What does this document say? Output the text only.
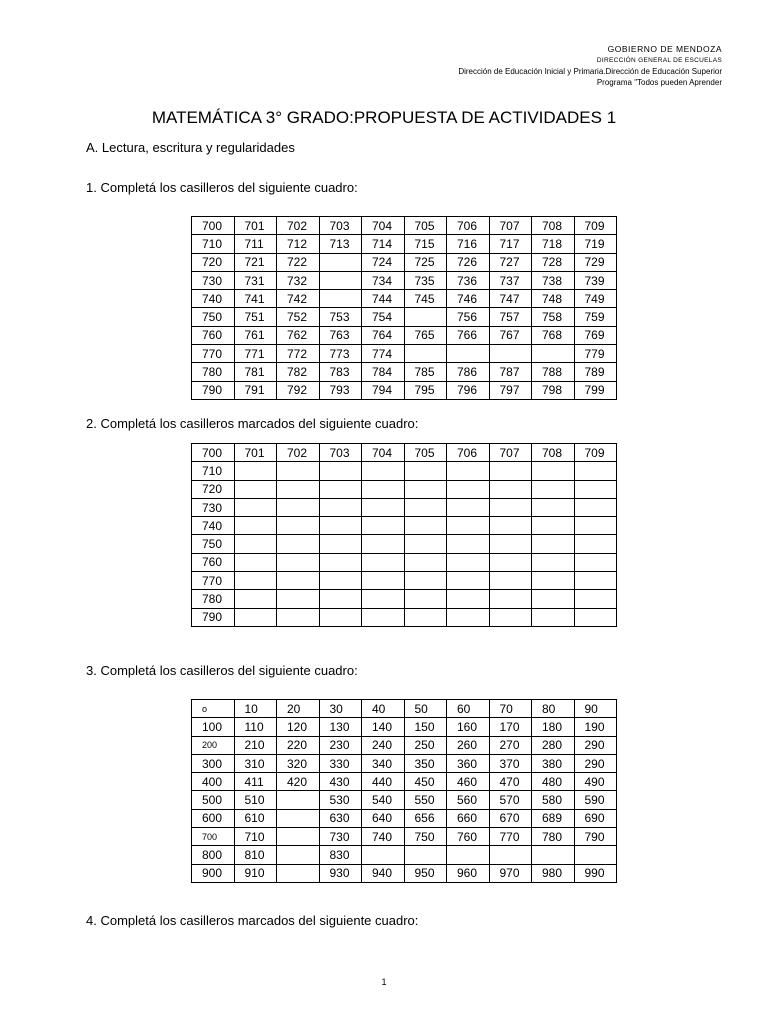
GOBIERNO DE MENDOZA
DIRECCIÓN GENERAL DE ESCUELAS
Dirección de Educación Inicial y Primaria.Dirección de Educación Superior
Programa "Todos pueden Aprender
MATEMÁTICA 3° GRADO:PROPUESTA DE ACTIVIDADES 1
A. Lectura, escritura y regularidades
1. Completá los casilleros del siguiente cuadro:
700	701	702	703	704	705	706	707	708	709
710	711	712	713	714	715	716	717	718	719
720	721	722		724	725	726	727	728	729
730	731	732		734	735	736	737	738	739
740	741	742		744	745	746	747	748	749
750	751	752	753	754		756	757	758	759
760	761	762	763	764	765	766	767	768	769
770	771	772	773	774					779
780	781	782	783	784	785	786	787	788	789
790	791	792	793	794	795	796	797	798	799
2. Completá los casilleros marcados del siguiente cuadro:
700	701	702	703	704	705	706	707	708	709
710									
720									
730									
740									
750									
760									
770									
780									
790									
3. Completá los casilleros del siguiente cuadro:
o	10	20	30	40	50	60	70	80	90
100	110	120	130	140	150	160	170	180	190
200	210	220	230	240	250	260	270	280	290
300	310	320	330	340	350	360	370	380	290
400	411	420	430	440	450	460	470	480	490
500	510		530	540	550	560	570	580	590
600	610		630	640	656	660	670	689	690
700	710		730	740	750	760	770	780	790
800	810		830						
900	910		930	940	950	960	970	980	990
4. Completá los casilleros marcados del siguiente cuadro:
1
